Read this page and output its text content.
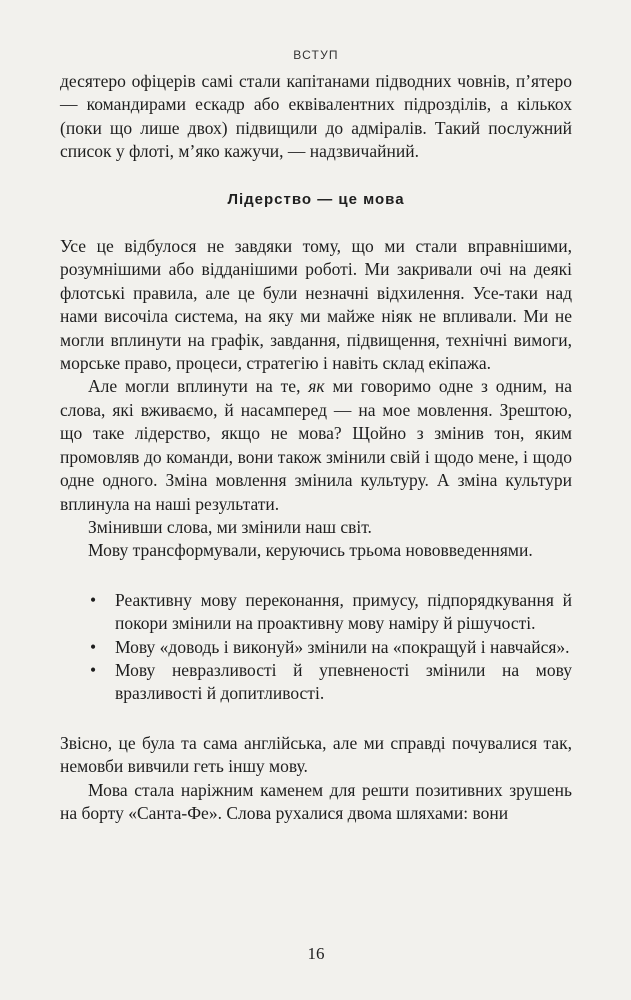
ВСТУП

десятеро офіцерів самі стали капітанами підводних човнів, п’ятеро — командирами ескадр або еквівалентних підрозділів, а кількох (поки що лише двох) підвищили до адміралів. Такий послужний список у флоті, м’яко кажучи, — надзвичайний.

Лідерство — це мова

Усе це відбулося не завдяки тому, що ми стали вправнішими, розумнішими або відданішими роботі. Ми закривали очі на деякі флотські правила, але це були незначні відхилення. Усе-таки над нами височіла система, на яку ми майже ніяк не впливали. Ми не могли вплинути на графік, завдання, підвищення, технічні вимоги, морське право, процеси, стратегію і навіть склад екіпажа.

Але могли вплинути на те, як ми говоримо одне з одним, на слова, які вживаємо, й насамперед — на мое мовлення. Зрештою, що таке лідерство, якщо не мова? Щойно з змінив тон, яким промовляв до команди, вони також змінили свій і щодо мене, і щодо одне одного. Зміна мовлення змінила культуру. А зміна культури вплинула на наші результати.

Змінивши слова, ми змінили наш світ.

Мову трансформували, керуючись трьома нововведеннями.

• Реактивну мову переконання, примусу, підпорядкування й покори змінили на проактивну мову наміру й рішучості.
• Мову «доводь і виконуй» змінили на «покращуй і навчайся».
• Мову невразливості й упевненості змінили на мову вразливості й допитливості.

Звісно, це була та сама англійська, але ми справді почувалися так, немовби вивчили геть іншу мову.

Мова стала наріжним каменем для решти позитивних зрушень на борту «Санта-Фе». Слова рухалися двома шляхами: вони

16
